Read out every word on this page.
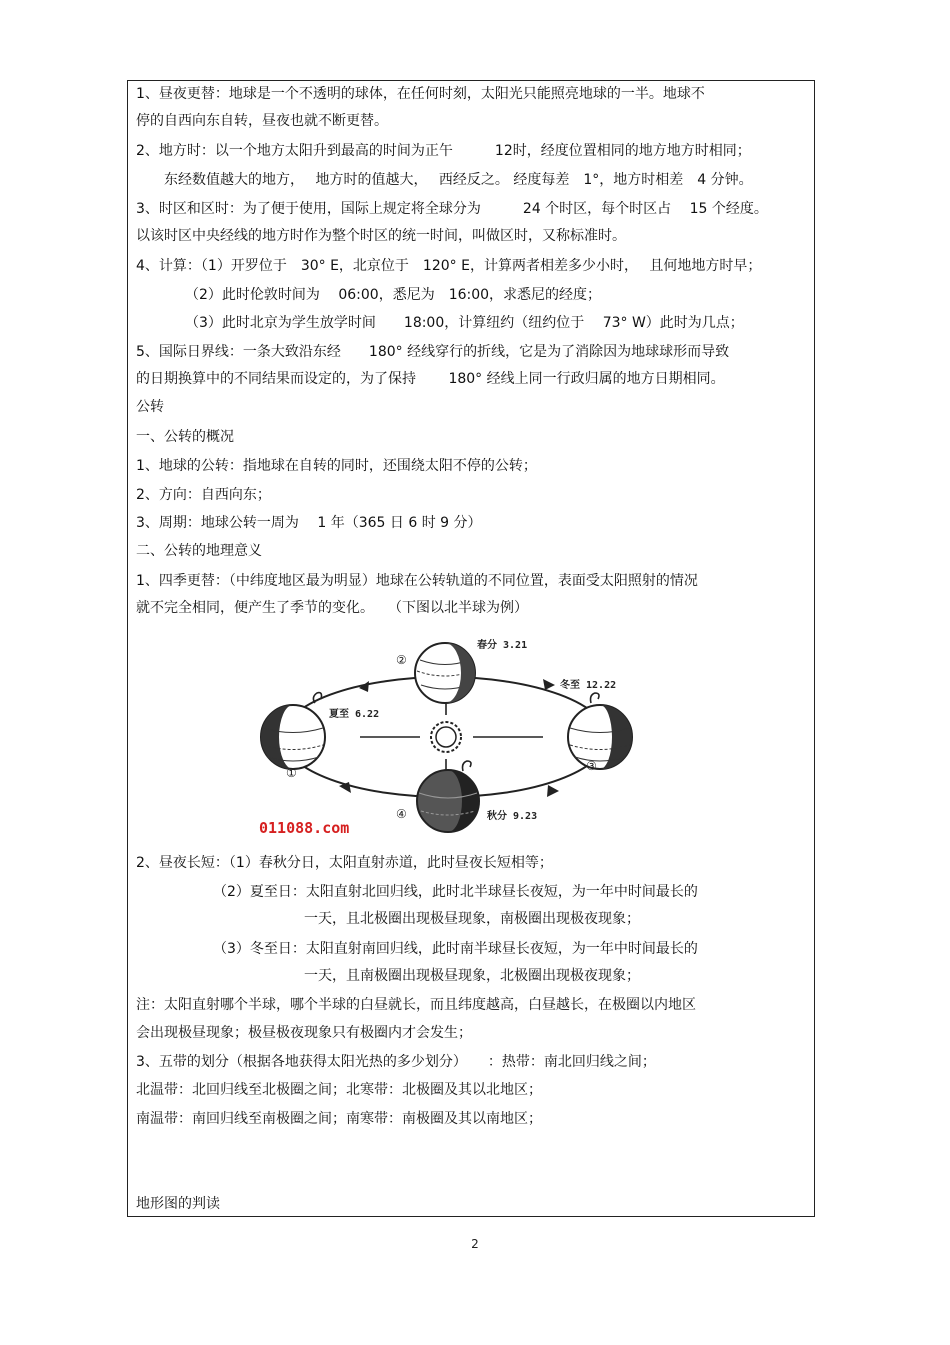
1、昼夜更替：地球是一个不透明的球体，在任何时刻，太阳光只能照亮地球的一半。地球不
停的自西向东自转，昼夜也就不断更替。
2、地方时：以一个地方太阳升到最高的时间为正午　　　12时，经度位置相同的地方地方时相同；
　　东经数值越大的地方，　 地方时的值越大，　 西经反之。 经度每差　1°，地方时相差　4 分钟。
3、时区和区时：为了便于使用，国际上规定将全球分为　　　24 个时区，每个时区占　 15 个经度。
以该时区中央经线的地方时作为整个时区的统一时间，叫做区时，又称标准时。
4、计算：（1）开罗位于　30° E，北京位于　120° E，计算两者相差多少小时，　 且何地地方时早；
　　　　（2）此时伦敦时间为　 06:00，悉尼为　16:00，求悉尼的经度；
　　　　（3）此时北京为学生放学时间　　18:00，计算纽约（纽约位于　 73° W）此时为几点；
5、国际日界线：一条大致沿东经　　180° 经线穿行的折线，它是为了消除因为地球球形而导致
的日期换算中的不同结果而设定的，为了保持　　 180° 经线上同一行政归属的地方日期相同。
公转
一、公转的概况
1、地球的公转：指地球在自转的同时，还围绕太阳不停的公转；
2、方向：自西向东；
3、周期：地球公转一周为　 1 年（365 日 6 时 9 分）
二、公转的地理意义
1、四季更替：（中纬度地区最为明显）地球在公转轨道的不同位置，表面受太阳照射的情况
就不完全相同，便产生了季节的变化。　　（下图以北半球为例）
春分 3.21
夏至 6.22
冬至 12.22
秋分 9.23
②
①	③
④
011088.com
2、昼夜长短：（1）春秋分日，太阳直射赤道，此时昼夜长短相等；
　　　　　　（2）夏至日：太阳直射北回归线，此时北半球昼长夜短，为一年中时间最长的
　　　　　　　　　　　　一天，且北极圈出现极昼现象，南极圈出现极夜现象；
　　　　　　（3）冬至日：太阳直射南回归线，此时南半球昼长夜短，为一年中时间最长的
　　　　　　　　　　　　一天，且南极圈出现极昼现象，北极圈出现极夜现象；
注：太阳直射哪个半球，哪个半球的白昼就长，而且纬度越高，白昼越长，在极圈以内地区
会出现极昼现象；极昼极夜现象只有极圈内才会发生；
3、五带的划分（根据各地获得太阳光热的多少划分）　　：热带：南北回归线之间；
北温带：北回归线至北极圈之间；北寒带：北极圈及其以北地区；
南温带：南回归线至南极圈之间；南寒带：南极圈及其以南地区；
地形图的判读
2
